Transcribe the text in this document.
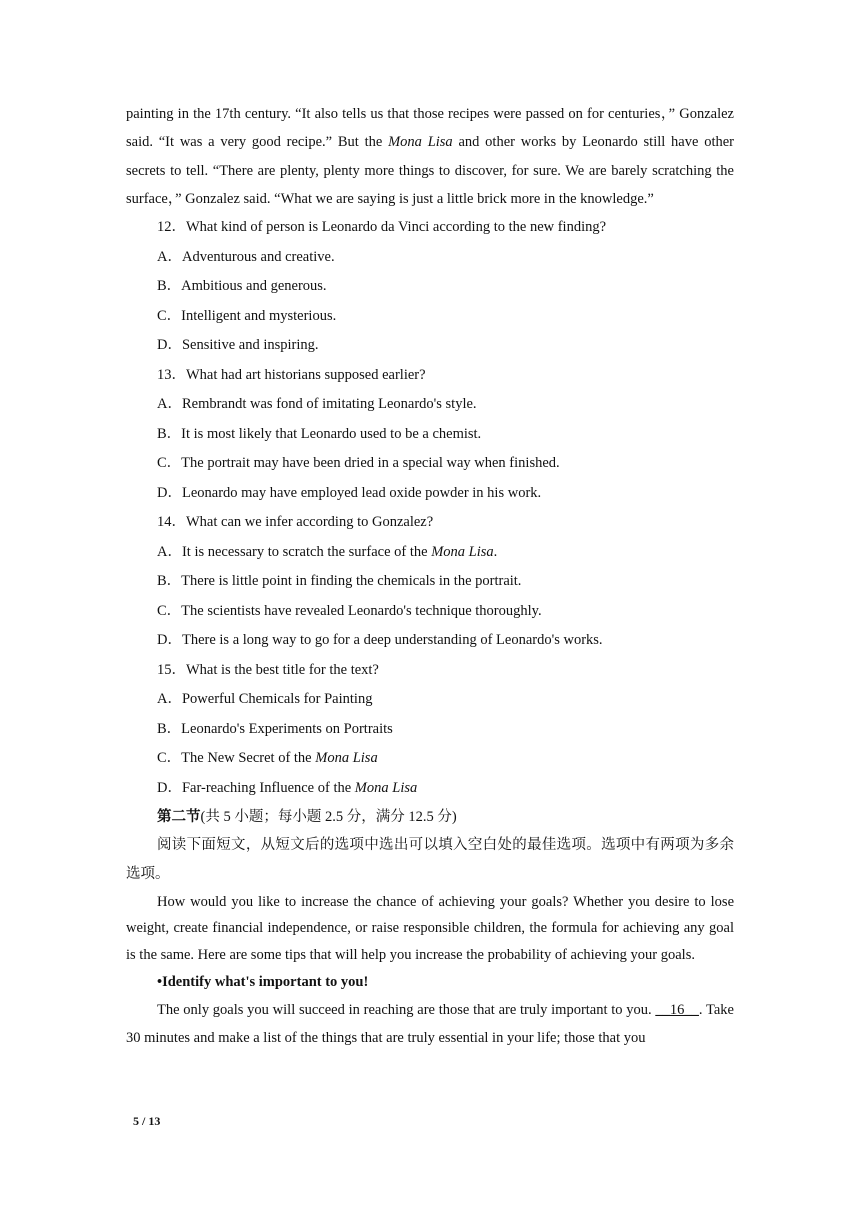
painting in the 17th century. “It also tells us that those recipes were passed on for centuries，” Gonzalez said. “It was a very good recipe.” But the Mona Lisa and other works by Leonardo still have other secrets to tell. “There are plenty, plenty more things to discover, for sure. We are barely scratching the surface，” Gonzalez said. “What we are saying is just a little brick more in the knowledge.”

12．What kind of person is Leonardo da Vinci according to the new finding?

A．Adventurous and creative.

B．Ambitious and generous.

C．Intelligent and mysterious.

D．Sensitive and inspiring.

13．What had art historians supposed earlier?

A．Rembrandt was fond of imitating Leonardo's style.

B．It is most likely that Leonardo used to be a chemist.

C．The portrait may have been dried in a special way when finished.

D．Leonardo may have employed lead oxide powder in his work.

14．What can we infer according to Gonzalez?

A．It is necessary to scratch the surface of the Mona Lisa.

B．There is little point in finding the chemicals in the portrait.

C．The scientists have revealed Leonardo's technique thoroughly.

D．There is a long way to go for a deep understanding of Leonardo's works.

15．What is the best title for the text?

A．Powerful Chemicals for Painting

B．Leonardo's Experiments on Portraits

C．The New Secret of the Mona Lisa

D．Far-reaching Influence of the Mona Lisa

第二节(共 5 小题；每小题 2.5 分，满分 12.5 分)

阅读下面短文，从短文后的选项中选出可以填入空白处的最佳选项。选项中有两项为多余选项。

How would you like to increase the chance of achieving your goals? Whether you desire to lose weight, create financial independence, or raise responsible children, the formula for achieving any goal is the same. Here are some tips that will help you increase the probability of achieving your goals.

•Identify what's important to you!

The only goals you will succeed in reaching are those that are truly important to you. __16__. Take 30 minutes and make a list of the things that are truly essential in your life; those that you

5 / 13
